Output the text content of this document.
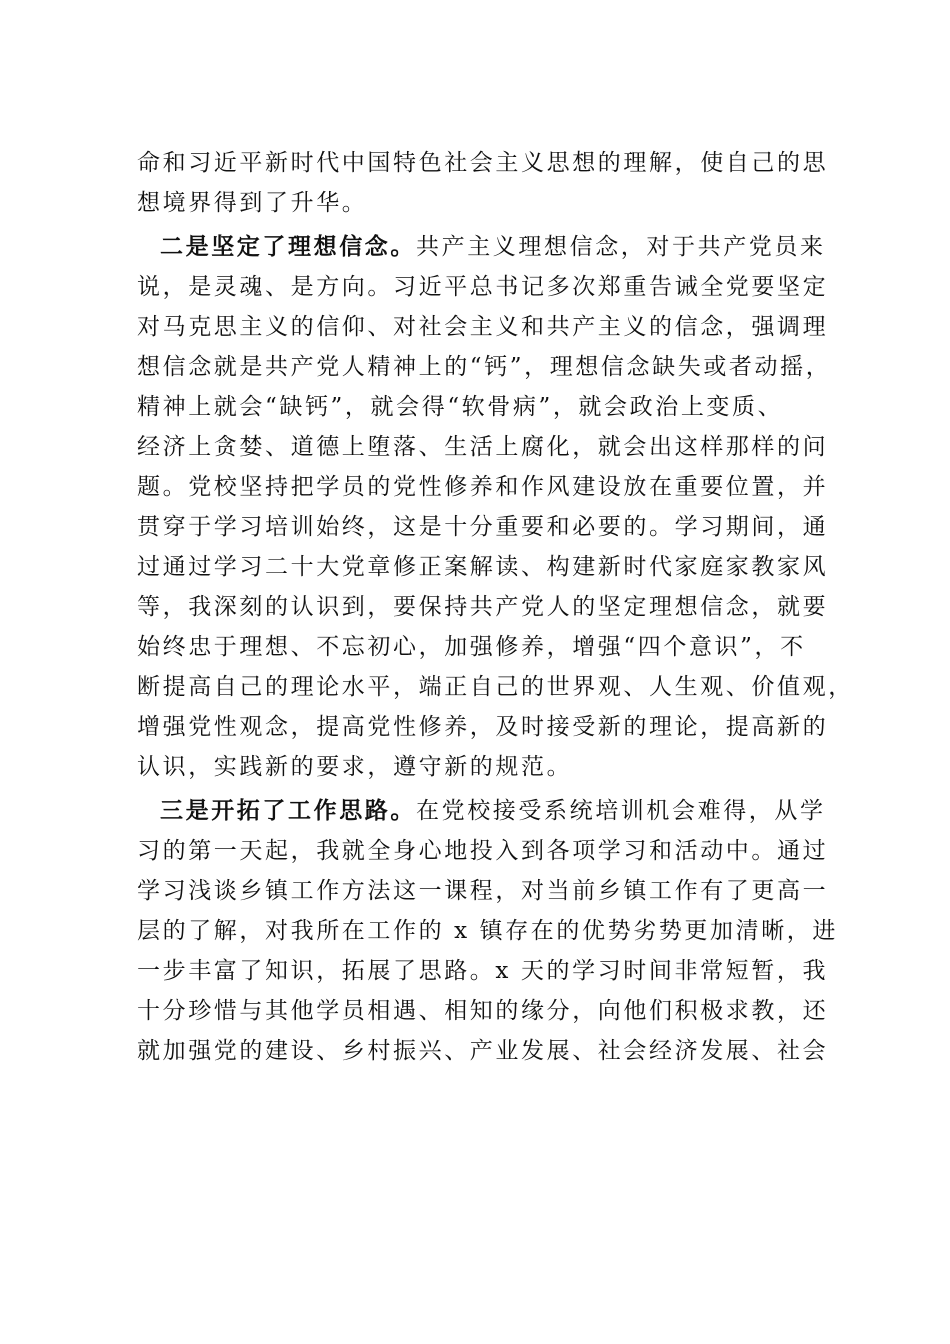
命和习近平新时代中国特色社会主义思想的理解，使自己的思
想境界得到了升华。
二是坚定了理想信念。共产主义理想信念，对于共产党员来
说，是灵魂、是方向。习近平总书记多次郑重告诫全党要坚定
对马克思主义的信仰、对社会主义和共产主义的信念，强调理
想信念就是共产党人精神上的“钙”，理想信念缺失或者动摇，
精神上就会“缺钙”，就会得“软骨病”，就会政治上变质、
经济上贪婪、道德上堕落、生活上腐化，就会出这样那样的问
题。党校坚持把学员的党性修养和作风建设放在重要位置，并
贯穿于学习培训始终，这是十分重要和必要的。学习期间，通
过通过学习二十大党章修正案解读、构建新时代家庭家教家风
等，我深刻的认识到，要保持共产党人的坚定理想信念，就要
始终忠于理想、不忘初心，加强修养，增强“四个意识”，不
断提高自己的理论水平，端正自己的世界观、人生观、价值观，
增强党性观念，提高党性修养，及时接受新的理论，提高新的
认识，实践新的要求，遵守新的规范。
三是开拓了工作思路。在党校接受系统培训机会难得，从学
习的第一天起，我就全身心地投入到各项学习和活动中。通过
学习浅谈乡镇工作方法这一课程，对当前乡镇工作有了更高一
层的了解，对我所在工作的 x 镇存在的优势劣势更加清晰，进
一步丰富了知识，拓展了思路。x 天的学习时间非常短暂，我
十分珍惜与其他学员相遇、相知的缘分，向他们积极求教，还
就加强党的建设、乡村振兴、产业发展、社会经济发展、社会
